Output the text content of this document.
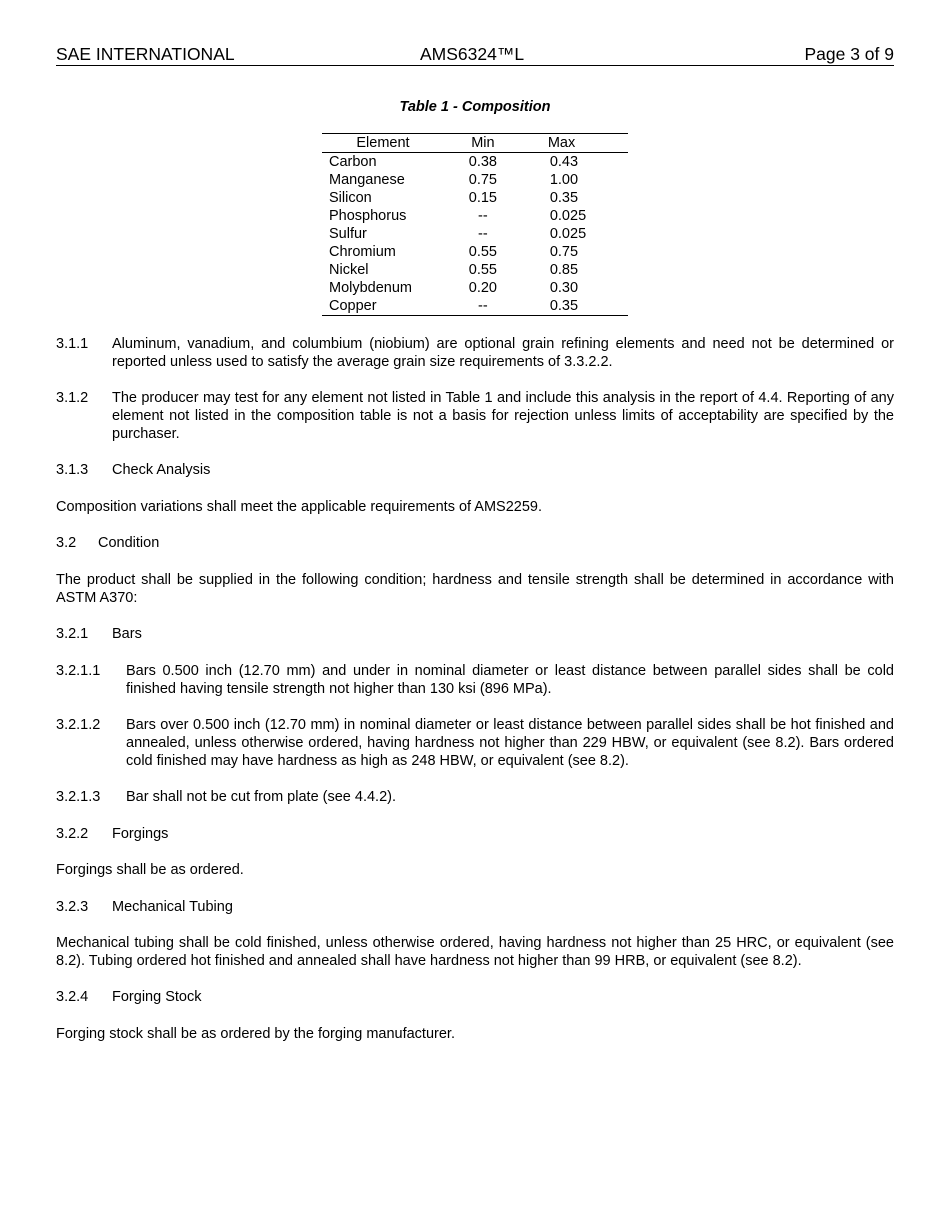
SAE INTERNATIONAL	AMS6324™L	Page 3 of 9
Table 1 - Composition
Element	Min	Max
Carbon	0.38	0.43
Manganese	0.75	1.00
Silicon	0.15	0.35
Phosphorus	--	0.025
Sulfur	--	0.025
Chromium	0.55	0.75
Nickel	0.55	0.85
Molybdenum	0.20	0.30
Copper	--	0.35
3.1.1 Aluminum, vanadium, and columbium (niobium) are optional grain refining elements and need not be determined or reported unless used to satisfy the average grain size requirements of 3.3.2.2.
3.1.2 The producer may test for any element not listed in Table 1 and include this analysis in the report of 4.4. Reporting of any element not listed in the composition table is not a basis for rejection unless limits of acceptability are specified by the purchaser.
3.1.3 Check Analysis
Composition variations shall meet the applicable requirements of AMS2259.
3.2 Condition
The product shall be supplied in the following condition; hardness and tensile strength shall be determined in accordance with ASTM A370:
3.2.1 Bars
3.2.1.1 Bars 0.500 inch (12.70 mm) and under in nominal diameter or least distance between parallel sides shall be cold finished having tensile strength not higher than 130 ksi (896 MPa).
3.2.1.2 Bars over 0.500 inch (12.70 mm) in nominal diameter or least distance between parallel sides shall be hot finished and annealed, unless otherwise ordered, having hardness not higher than 229 HBW, or equivalent (see 8.2). Bars ordered cold finished may have hardness as high as 248 HBW, or equivalent (see 8.2).
3.2.1.3 Bar shall not be cut from plate (see 4.4.2).
3.2.2 Forgings
Forgings shall be as ordered.
3.2.3 Mechanical Tubing
Mechanical tubing shall be cold finished, unless otherwise ordered, having hardness not higher than 25 HRC, or equivalent (see 8.2). Tubing ordered hot finished and annealed shall have hardness not higher than 99 HRB, or equivalent (see 8.2).
3.2.4 Forging Stock
Forging stock shall be as ordered by the forging manufacturer.
